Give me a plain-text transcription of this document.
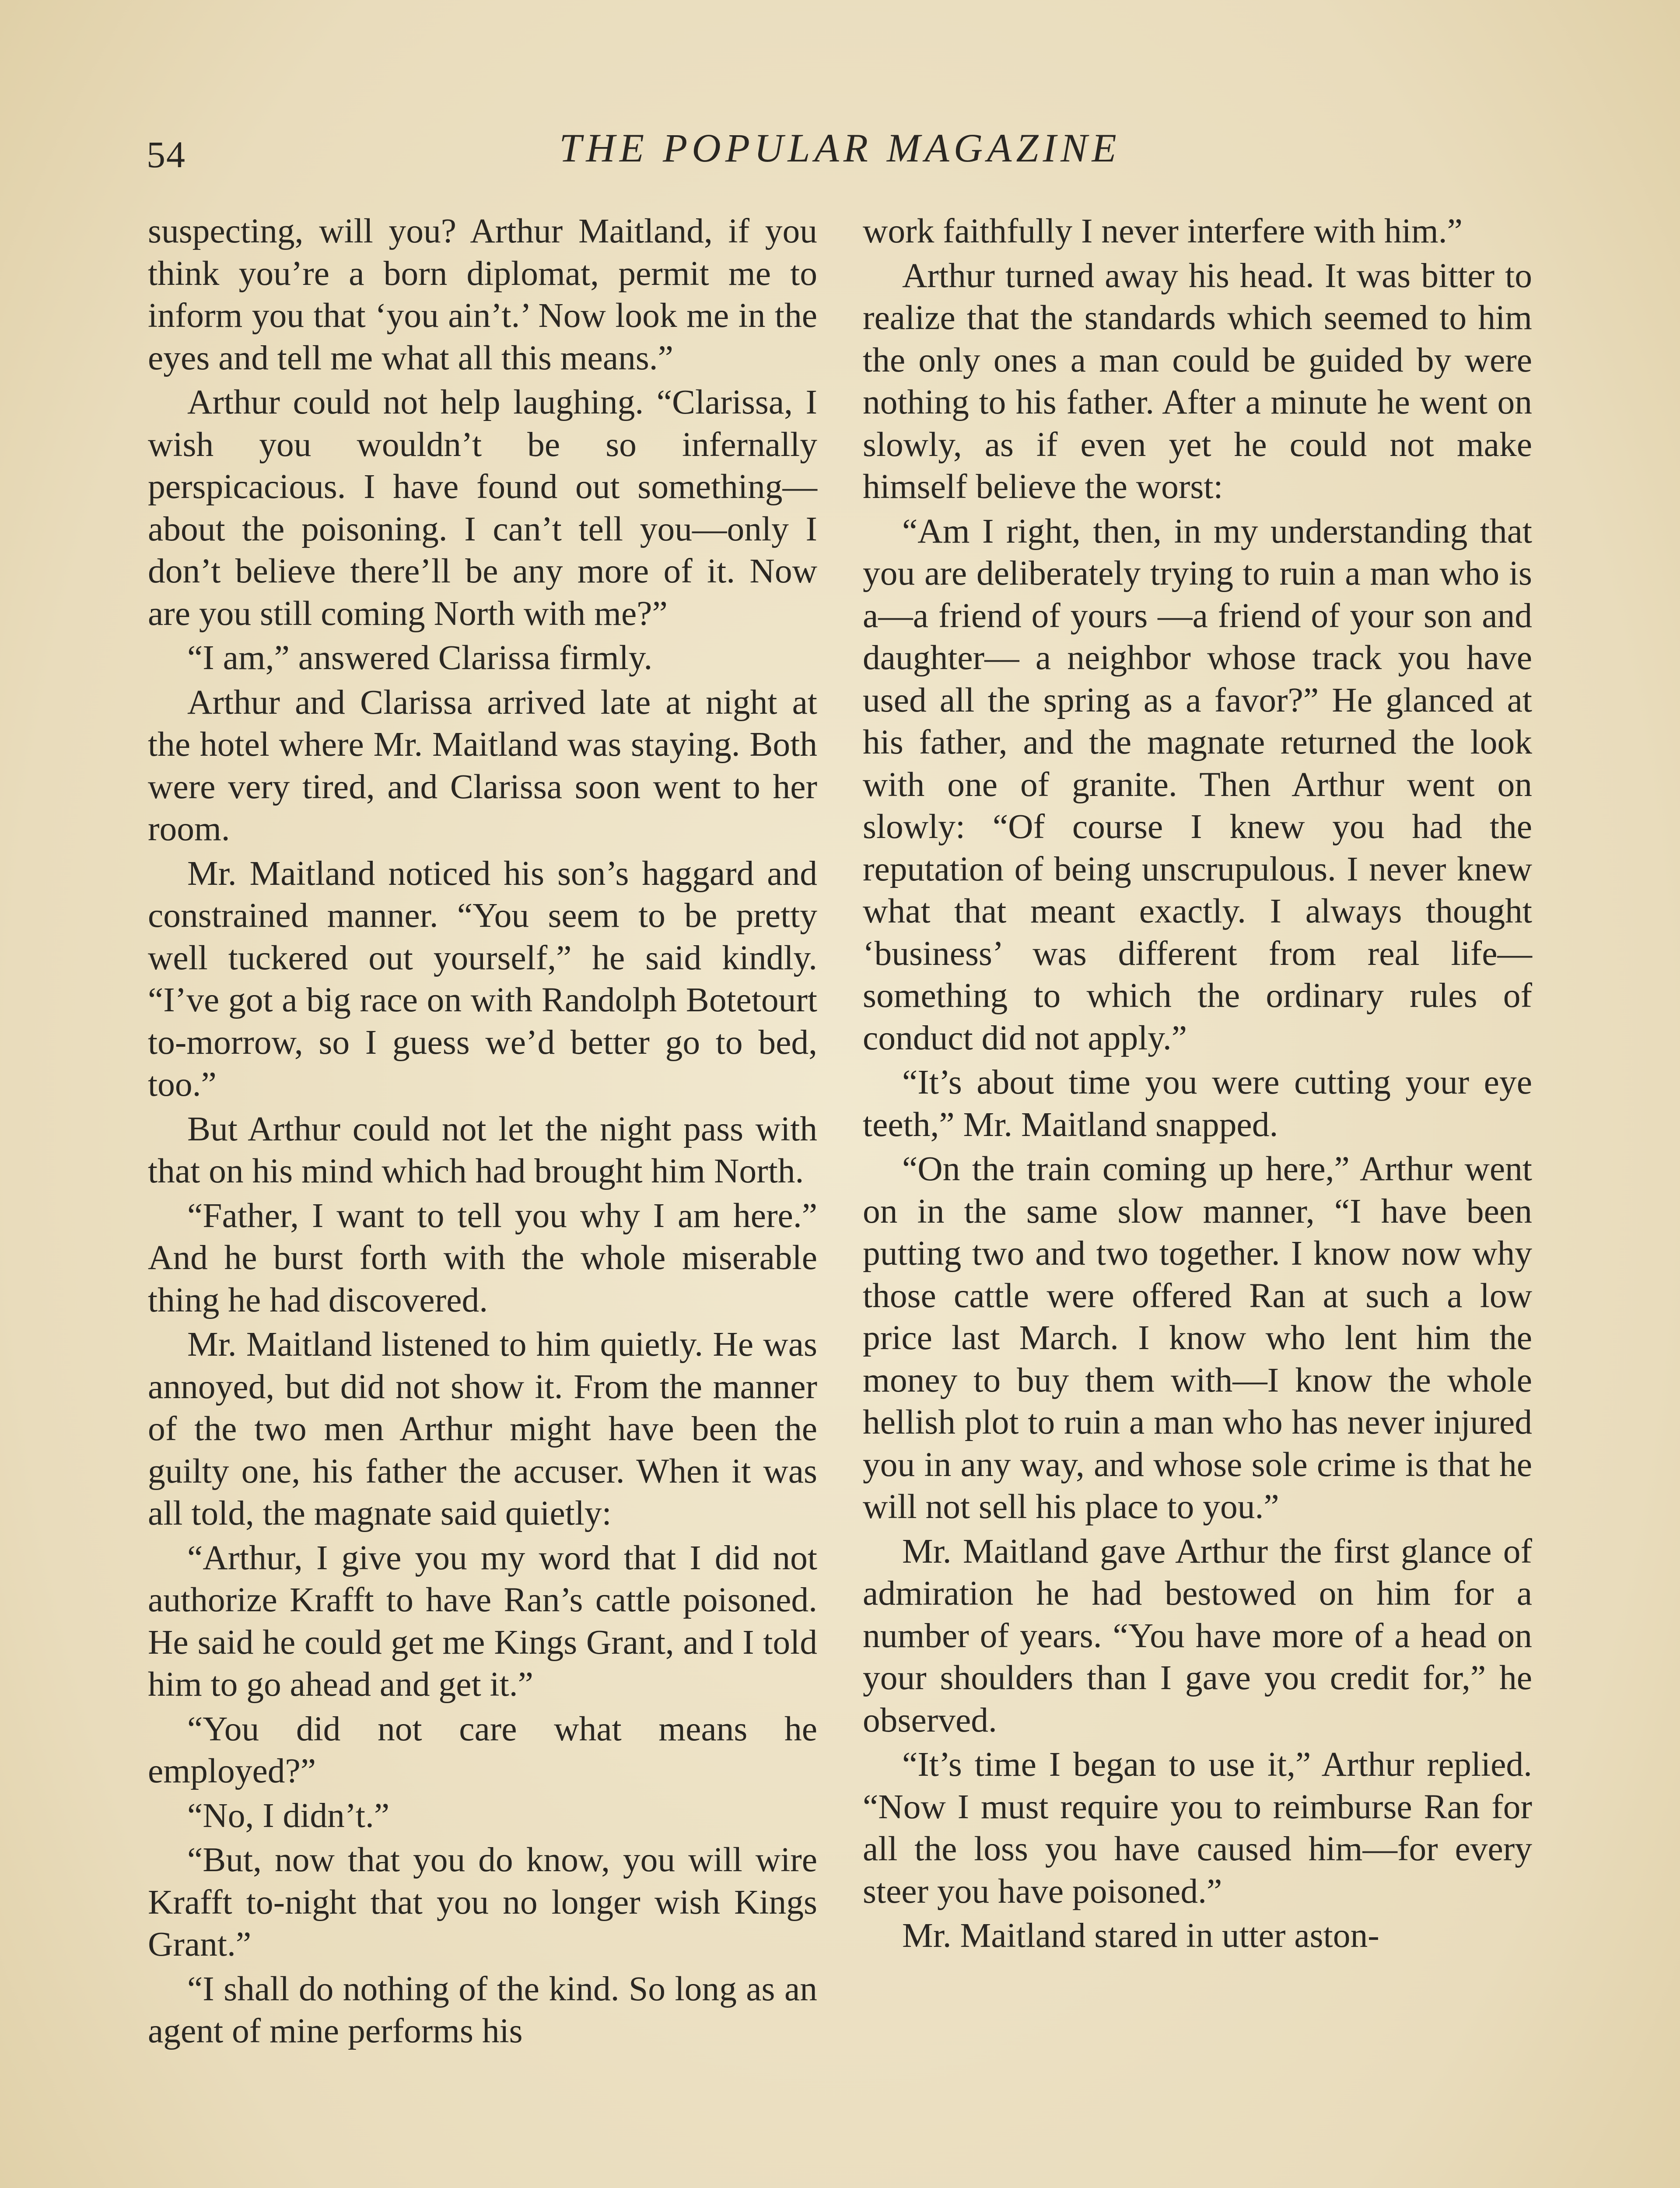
54	THE POPULAR MAGAZINE

suspecting, will you? Arthur Maitland, if you think you’re a born diplomat, permit me to inform you that ‘you ain’t.’ Now look me in the eyes and tell me what all this means.”

Arthur could not help laughing. “Clarissa, I wish you wouldn’t be so infernally perspicacious. I have found out something—about the poisoning. I can’t tell you—only I don’t believe there’ll be any more of it. Now are you still coming North with me?”

“I am,” answered Clarissa firmly.

Arthur and Clarissa arrived late at night at the hotel where Mr. Maitland was staying. Both were very tired, and Clarissa soon went to her room.

Mr. Maitland noticed his son’s haggard and constrained manner. “You seem to be pretty well tuckered out yourself,” he said kindly. “I’ve got a big race on with Randolph Botetourt to-morrow, so I guess we’d better go to bed, too.”

But Arthur could not let the night pass with that on his mind which had brought him North.

“Father, I want to tell you why I am here.” And he burst forth with the whole miserable thing he had discovered.

Mr. Maitland listened to him quietly. He was annoyed, but did not show it. From the manner of the two men Arthur might have been the guilty one, his father the accuser. When it was all told, the magnate said quietly:

“Arthur, I give you my word that I did not authorize Krafft to have Ran’s cattle poisoned. He said he could get me Kings Grant, and I told him to go ahead and get it.”

“You did not care what means he employed?”

“No, I didn’t.”

“But, now that you do know, you will wire Krafft to-night that you no longer wish Kings Grant.”

“I shall do nothing of the kind. So long as an agent of mine performs his

work faithfully I never interfere with him.”

Arthur turned away his head. It was bitter to realize that the standards which seemed to him the only ones a man could be guided by were nothing to his father. After a minute he went on slowly, as if even yet he could not make himself believe the worst:

“Am I right, then, in my understanding that you are deliberately trying to ruin a man who is a—a friend of yours —a friend of your son and daughter— a neighbor whose track you have used all the spring as a favor?” He glanced at his father, and the magnate returned the look with one of granite. Then Arthur went on slowly: “Of course I knew you had the reputation of being unscrupulous. I never knew what that meant exactly. I always thought ‘business’ was different from real life— something to which the ordinary rules of conduct did not apply.”

“It’s about time you were cutting your eye teeth,” Mr. Maitland snapped.

“On the train coming up here,” Arthur went on in the same slow manner, “I have been putting two and two together. I know now why those cattle were offered Ran at such a low price last March. I know who lent him the money to buy them with—I know the whole hellish plot to ruin a man who has never injured you in any way, and whose sole crime is that he will not sell his place to you.”

Mr. Maitland gave Arthur the first glance of admiration he had bestowed on him for a number of years. “You have more of a head on your shoulders than I gave you credit for,” he observed.

“It’s time I began to use it,” Arthur replied. “Now I must require you to reimburse Ran for all the loss you have caused him—for every steer you have poisoned.”

Mr. Maitland stared in utter aston-
